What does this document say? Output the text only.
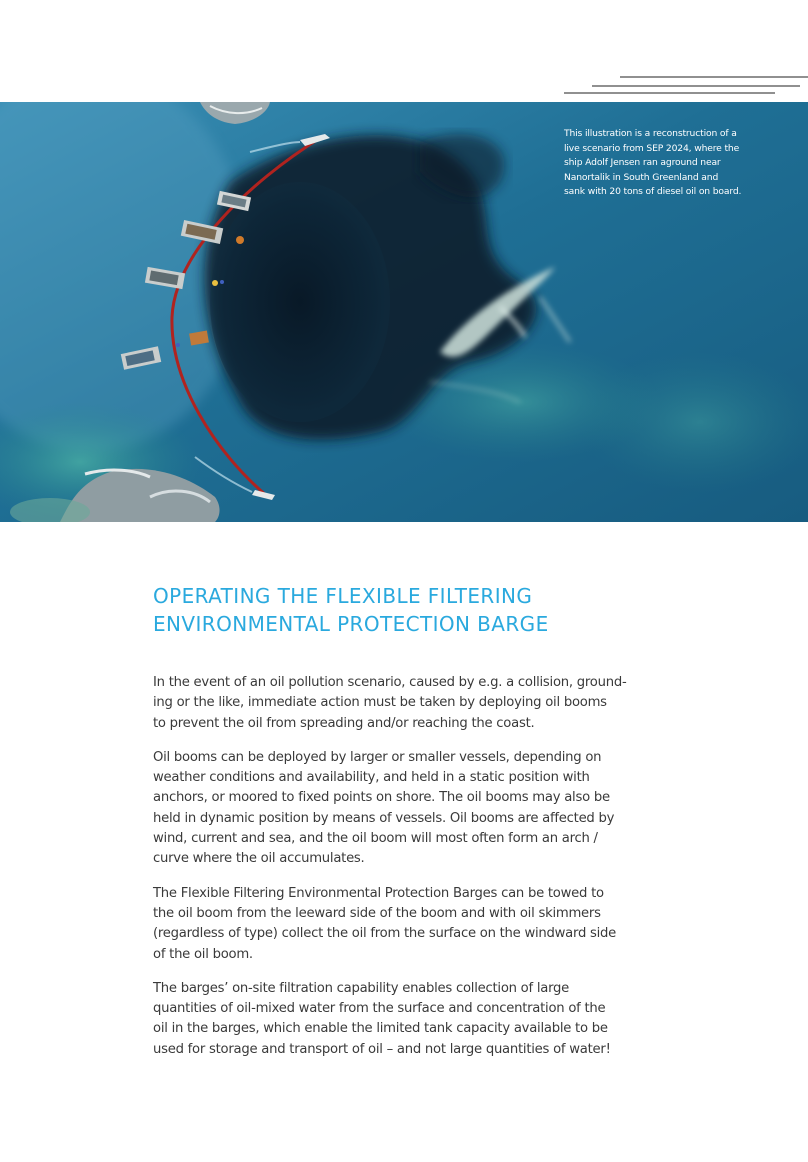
This illustration is a reconstruction of a
live scenario from SEP 2024, where the
ship Adolf Jensen ran aground near
Nanortalik in South Greenland and
sank with 20 tons of diesel oil on board.
OPERATING THE FLEXIBLE FILTERING
ENVIRONMENTAL PROTECTION BARGE

In the event of an oil pollution scenario, caused by e.g. a collision, ground-
ing or the like, immediate action must be taken by deploying oil booms
to prevent the oil from spreading and/or reaching the coast.

Oil booms can be deployed by larger or smaller vessels, depending on
weather conditions and availability, and held in a static position with
anchors, or moored to fixed points on shore. The oil booms may also be
held in dynamic position by means of vessels. Oil booms are affected by
wind, current and sea, and the oil boom will most often form an arch /
curve where the oil accumulates.

The Flexible Filtering Environmental Protection Barges can be towed to
the oil boom from the leeward side of the boom and with oil skimmers
(regardless of type) collect the oil from the surface on the windward side
of the oil boom.

The barges’ on-site filtration capability enables collection of large
quantities of oil-mixed water from the surface and concentration of the
oil in the barges, which enable the limited tank capacity available to be
used for storage and transport of oil – and not large quantities of water!
